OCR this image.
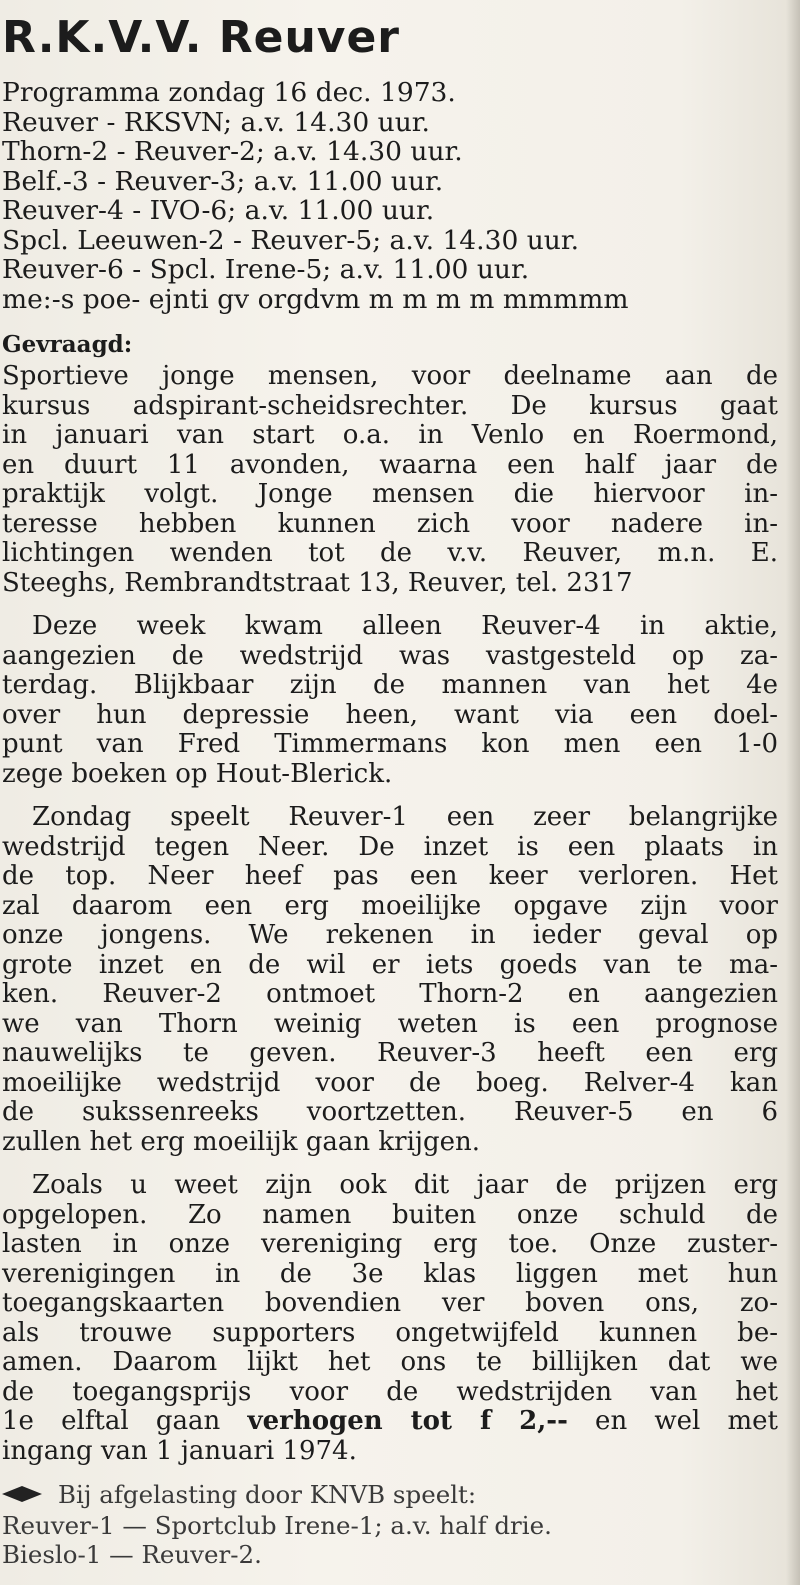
R.K.V.V. Reuver

Programma zondag 16 dec. 1973.

Reuver - RKSVN; a.v. 14.30 uur.

Thorn-2 - Reuver-2; a.v. 14.30 uur.

Belf.-3 - Reuver-3; a.v. 11.00 uur.

Reuver-4 - IVO-6; a.v. 11.00 uur.

Spcl. Leeuwen-2 - Reuver-5; a.v. 14.30 uur.

Reuver-6 - Spcl. Irene-5; a.v. 11.00 uur.

me:-s poe- ejnti gv orgdvm m m m m mmmmm

Gevraagd:

Sportieve jonge mensen, voor deelname aan de

kursus adspirant-scheidsrechter. De kursus gaat

in januari van start o.a. in Venlo en Roermond,

en duurt 11 avonden, waarna een half jaar de

praktijk volgt. Jonge mensen die hiervoor in-

teresse hebben kunnen zich voor nadere in-

lichtingen wenden tot de v.v. Reuver, m.n. E.

Steeghs, Rembrandtstraat 13, Reuver, tel. 2317

Deze week kwam alleen Reuver-4 in aktie,

aangezien de wedstrijd was vastgesteld op za-

terdag. Blijkbaar zijn de mannen van het 4e

over hun depressie heen, want via een doel-

punt van Fred Timmermans kon men een 1-0

zege boeken op Hout-Blerick.

Zondag speelt Reuver-1 een zeer belangrijke

wedstrijd tegen Neer. De inzet is een plaats in

de top. Neer heef pas een keer verloren. Het

zal daarom een erg moeilijke opgave zijn voor

onze jongens. We rekenen in ieder geval op

grote inzet en de wil er iets goeds van te ma-

ken. Reuver-2 ontmoet Thorn-2 en aangezien

we van Thorn weinig weten is een prognose

nauwelijks te geven. Reuver-3 heeft een erg

moeilijke wedstrijd voor de boeg. Relver-4 kan

de sukssenreeks voortzetten. Reuver-5 en 6

zullen het erg moeilijk gaan krijgen.

Zoals u weet zijn ook dit jaar de prijzen erg

opgelopen. Zo namen buiten onze schuld de

lasten in onze vereniging erg toe. Onze zuster-

verenigingen in de 3e klas liggen met hun

toegangskaarten bovendien ver boven ons, zo-

als trouwe supporters ongetwijfeld kunnen be-

amen. Daarom lijkt het ons te billijken dat we

de toegangsprijs voor de wedstrijden van het

1e elftal gaan verhogen tot f 2,-- en wel met

ingang van 1 januari 1974.

Bij afgelasting door KNVB speelt:

Reuver-1 — Sportclub Irene-1; a.v. half drie.

Bieslo-1 — Reuver-2.
